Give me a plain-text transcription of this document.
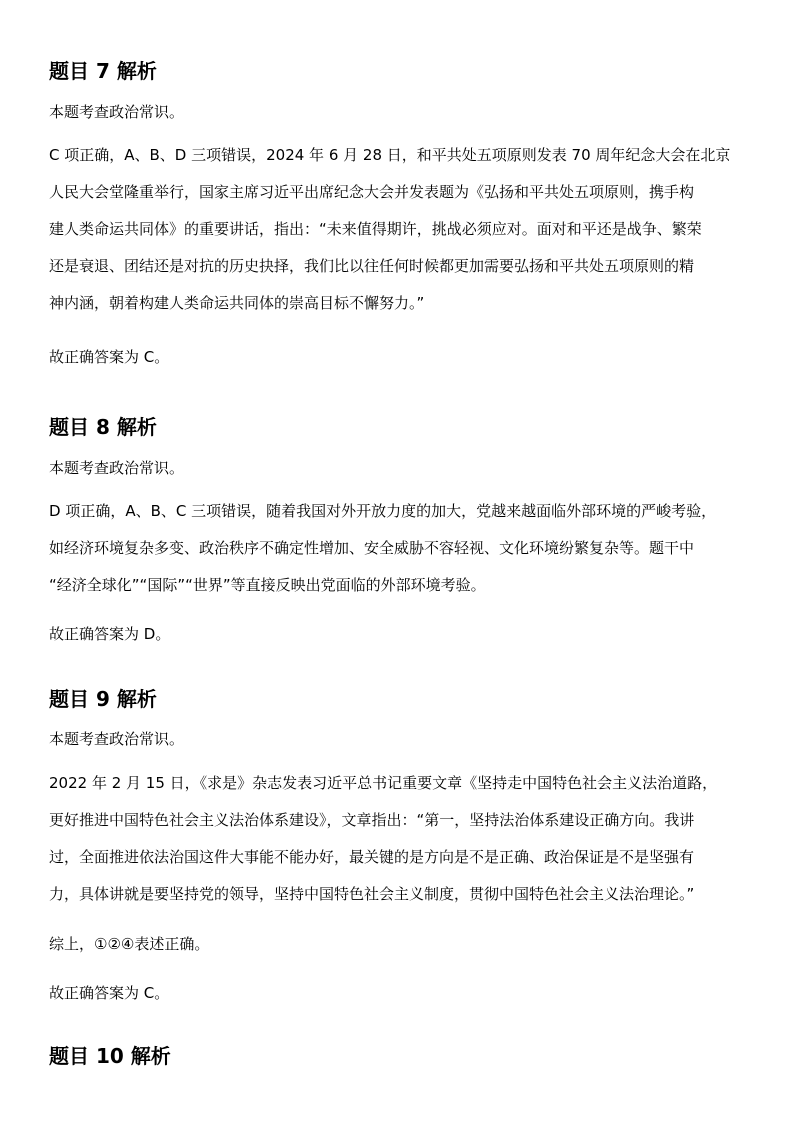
题目 7 解析
本题考查政治常识。
C 项正确，A、B、D 三项错误，2024 年 6 月 28 日，和平共处五项原则发表 70 周年纪念大会在北京
人民大会堂隆重举行，国家主席习近平出席纪念大会并发表题为《弘扬和平共处五项原则，携手构
建人类命运共同体》的重要讲话，指出：“未来值得期许，挑战必须应对。面对和平还是战争、繁荣
还是衰退、团结还是对抗的历史抉择，我们比以往任何时候都更加需要弘扬和平共处五项原则的精
神内涵，朝着构建人类命运共同体的崇高目标不懈努力。”
故正确答案为 C。
题目 8 解析
本题考查政治常识。
D 项正确，A、B、C 三项错误，随着我国对外开放力度的加大，党越来越面临外部环境的严峻考验，
如经济环境复杂多变、政治秩序不确定性增加、安全威胁不容轻视、文化环境纷繁复杂等。题干中
“经济全球化”“国际”“世界”等直接反映出党面临的外部环境考验。
故正确答案为 D。
题目 9 解析
本题考查政治常识。
2022 年 2 月 15 日，《求是》杂志发表习近平总书记重要文章《坚持走中国特色社会主义法治道路，
更好推进中国特色社会主义法治体系建设》，文章指出：“第一，坚持法治体系建设正确方向。我讲
过，全面推进依法治国这件大事能不能办好，最关键的是方向是不是正确、政治保证是不是坚强有
力，具体讲就是要坚持党的领导，坚持中国特色社会主义制度，贯彻中国特色社会主义法治理论。”
综上，①②④表述正确。
故正确答案为 C。
题目 10 解析
